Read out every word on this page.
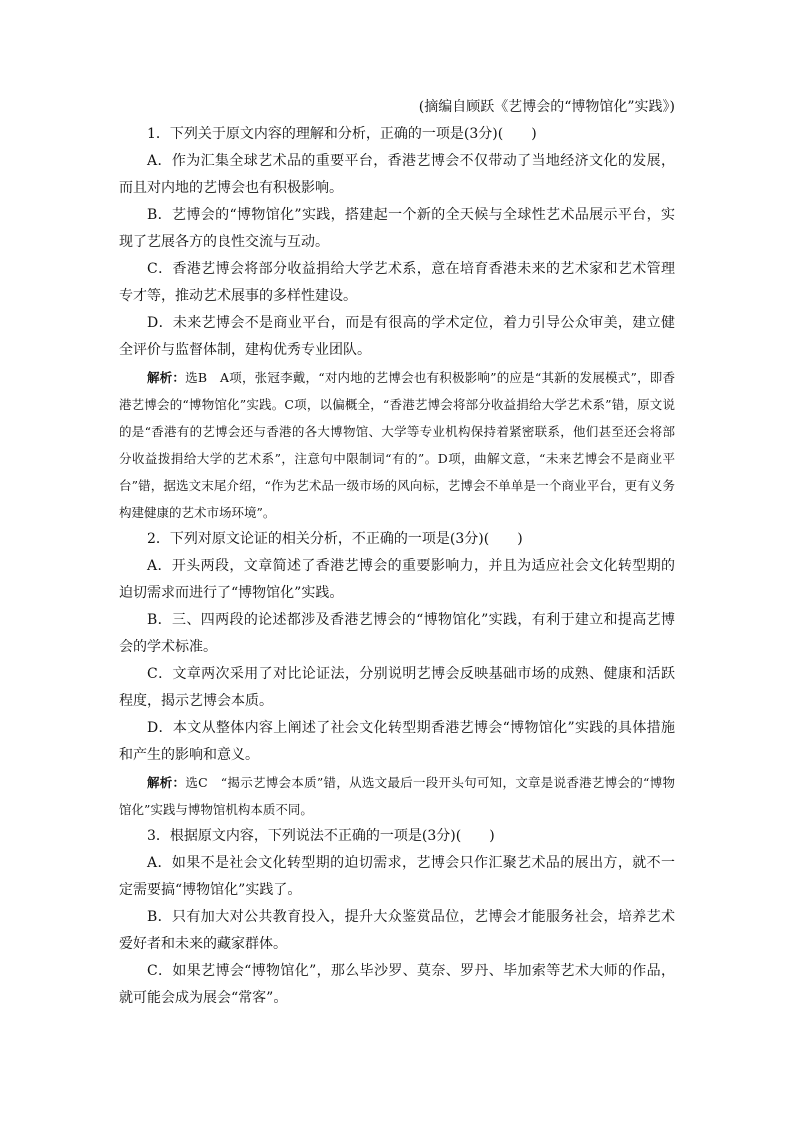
(摘编自顾跃《艺博会的“博物馆化”实践》)

1．下列关于原文内容的理解和分析，正确的一项是(3分)(　　)

A．作为汇集全球艺术品的重要平台，香港艺博会不仅带动了当地经济文化的发展，而且对内地的艺博会也有积极影响。

B．艺博会的“博物馆化”实践，搭建起一个新的全天候与全球性艺术品展示平台，实现了艺展各方的良性交流与互动。

C．香港艺博会将部分收益捐给大学艺术系，意在培育香港未来的艺术家和艺术管理专才等，推动艺术展事的多样性建设。

D．未来艺博会不是商业平台，而是有很高的学术定位，着力引导公众审美，建立健全评价与监督体制，建构优秀专业团队。

解析：选B　A项，张冠李戴，“对内地的艺博会也有积极影响”的应是“其新的发展模式”，即香港艺博会的“博物馆化”实践。C项，以偏概全，“香港艺博会将部分收益捐给大学艺术系”错，原文说的是“香港有的艺博会还与香港的各大博物馆、大学等专业机构保持着紧密联系，他们甚至还会将部分收益拨捐给大学的艺术系”，注意句中限制词“有的”。D项，曲解文意，“未来艺博会不是商业平台”错，据选文末尾介绍，“作为艺术品一级市场的风向标，艺博会不单单是一个商业平台，更有义务构建健康的艺术市场环境”。

2．下列对原文论证的相关分析，不正确的一项是(3分)(　　)

A．开头两段，文章简述了香港艺博会的重要影响力，并且为适应社会文化转型期的迫切需求而进行了“博物馆化”实践。

B．三、四两段的论述都涉及香港艺博会的“博物馆化”实践，有利于建立和提高艺博会的学术标准。

C．文章两次采用了对比论证法，分别说明艺博会反映基础市场的成熟、健康和活跃程度，揭示艺博会本质。

D．本文从整体内容上阐述了社会文化转型期香港艺博会“博物馆化”实践的具体措施和产生的影响和意义。

解析：选C　“揭示艺博会本质”错，从选文最后一段开头句可知，文章是说香港艺博会的“博物馆化”实践与博物馆机构本质不同。

3．根据原文内容，下列说法不正确的一项是(3分)(　　)

A．如果不是社会文化转型期的迫切需求，艺博会只作汇聚艺术品的展出方，就不一定需要搞“博物馆化”实践了。

B．只有加大对公共教育投入，提升大众鉴赏品位，艺博会才能服务社会，培养艺术爱好者和未来的藏家群体。

C．如果艺博会“博物馆化”，那么毕沙罗、莫奈、罗丹、毕加索等艺术大师的作品，就可能会成为展会“常客”。
